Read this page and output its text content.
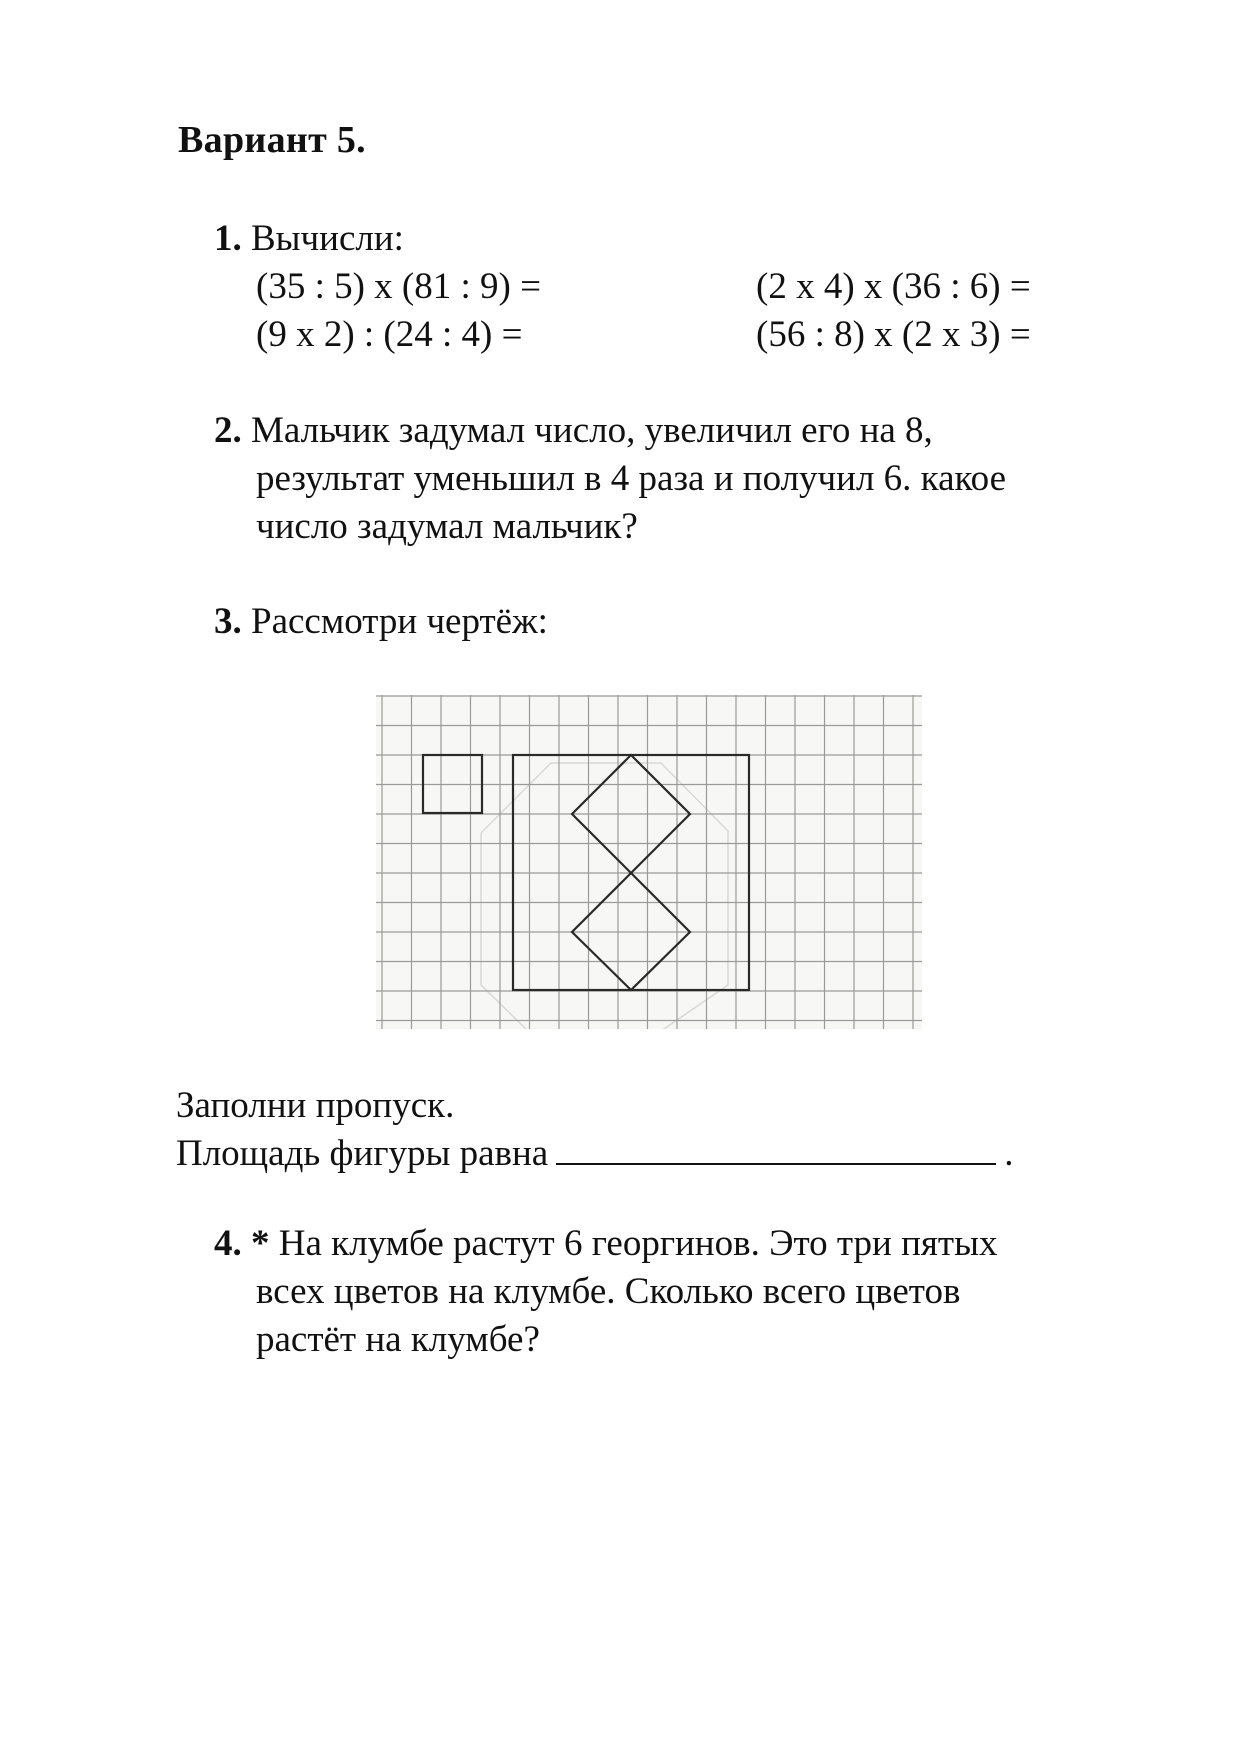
Вариант 5.
1. Вычисли:
(35 : 5) х (81 : 9) =	(2 х 4) х (36 : 6) =
(9 х 2) : (24 : 4) =	(56 : 8) х (2 х 3) =
2. Мальчик задумал число, увеличил его на 8,
результат уменьшил в 4 раза и получил 6. какое
число задумал мальчик?
3. Рассмотри чертёж:
Заполни пропуск.
Площадь фигуры равна	.
4. * На клумбе растут 6 георгинов. Это три пятых
всех цветов на клумбе. Сколько всего цветов
растёт на клумбе?
